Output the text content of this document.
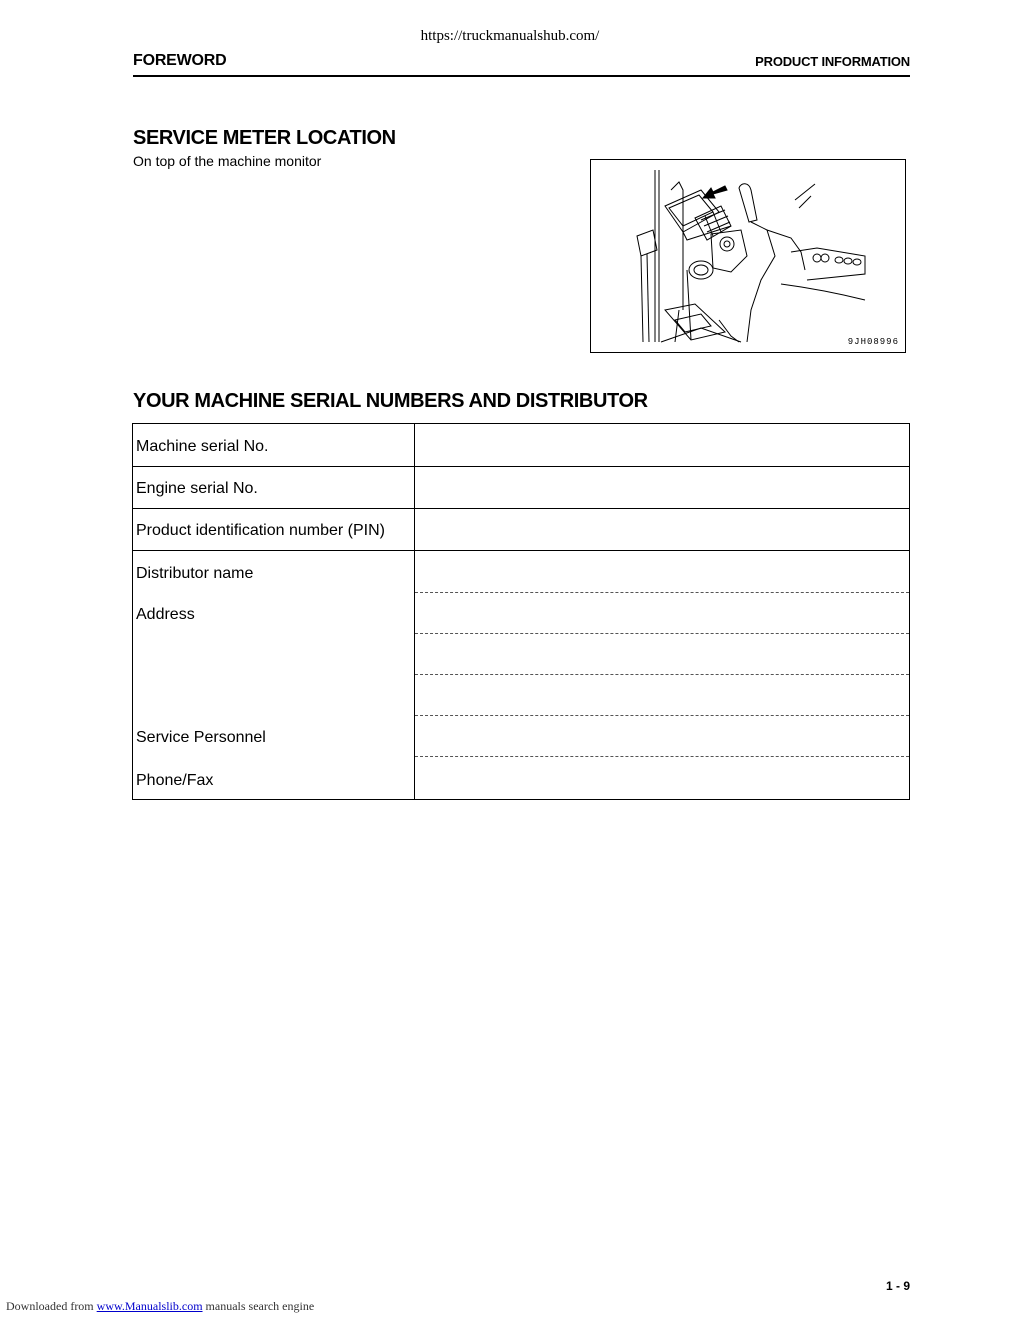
https://truckmanualshub.com/
FOREWORD	PRODUCT INFORMATION
SERVICE METER LOCATION
On top of the machine monitor
9JH08996
YOUR MACHINE SERIAL NUMBERS AND DISTRIBUTOR
Machine serial No.
Engine serial No.
Product identification number (PIN)
Distributor name
Address
Service Personnel
Phone/Fax
1 - 9
Downloaded from www.Manualslib.com manuals search engine
